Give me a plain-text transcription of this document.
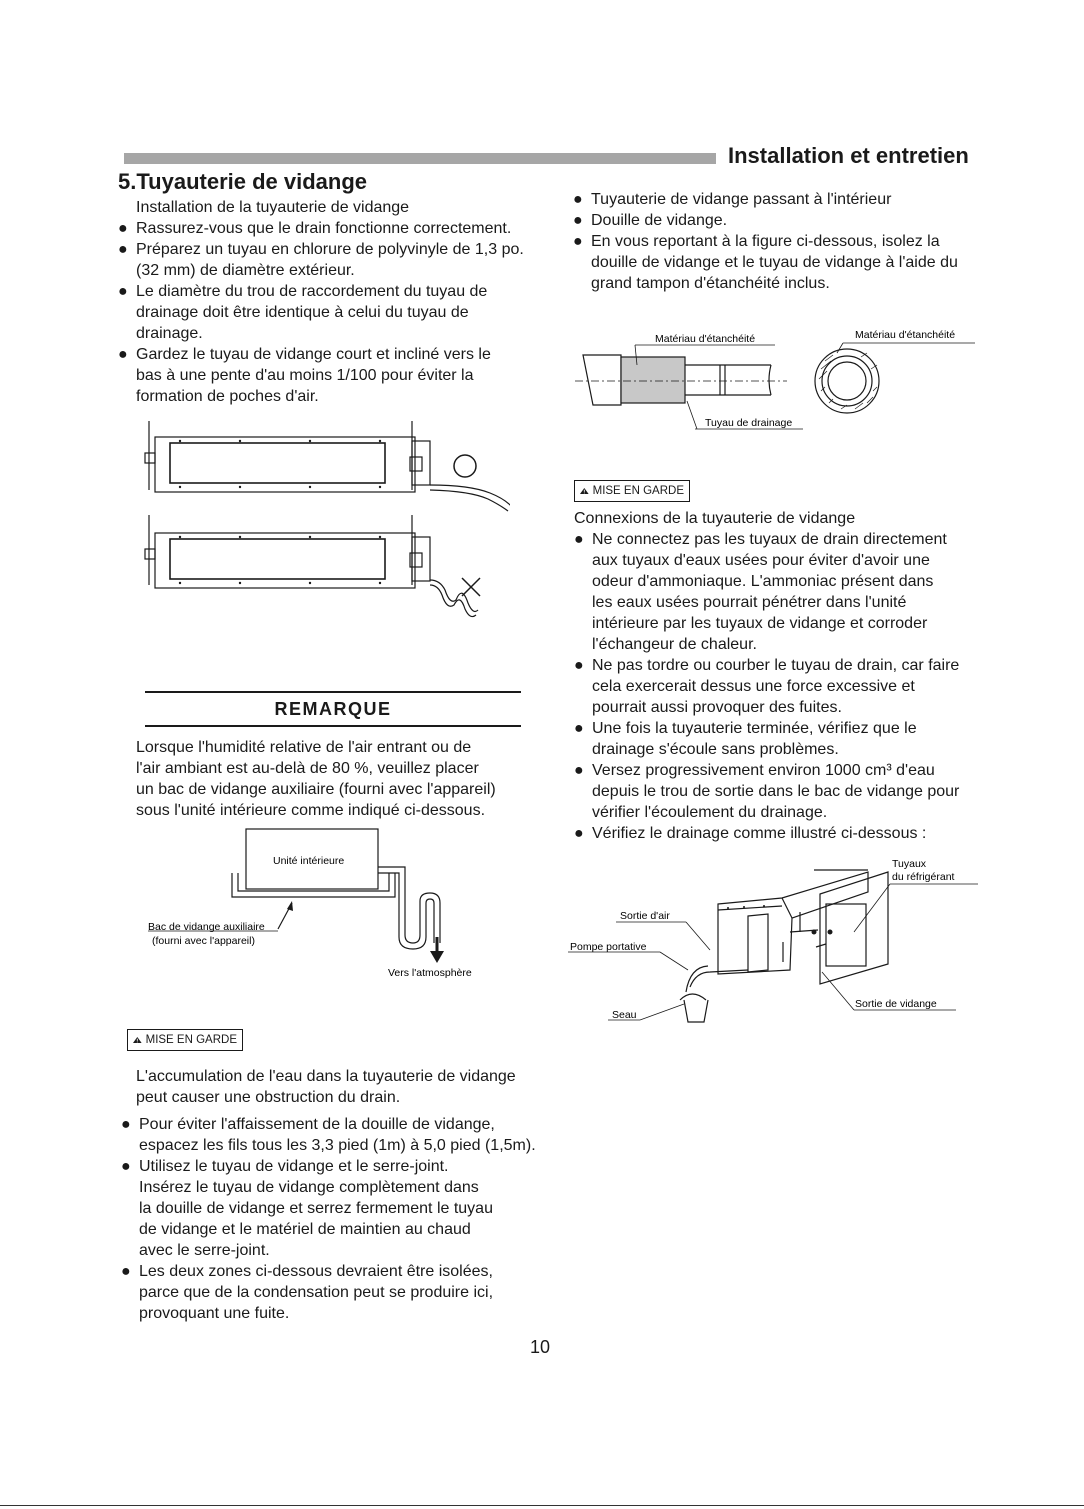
Installation et entretien
5.Tuyauterie de vidange
Installation de la tuyauterie de vidange
● Rassurez-vous que le drain fonctionne correctement.
● Préparez un tuyau en chlorure de polyvinyle de 1,3 po.
(32 mm) de diamètre extérieur.
● Le diamètre du trou de raccordement du tuyau de
drainage doit être identique à celui du tuyau de
drainage.
● Gardez le tuyau de vidange court et incliné vers le
bas à une pente d'au moins 1/100 pour éviter la
formation de poches d'air.
REMARQUE
Lorsque l'humidité relative de l'air entrant ou de
l'air ambiant est au-delà de 80 %, veuillez placer
un bac de vidange auxiliaire (fourni avec l'appareil)
sous l'unité intérieure comme indiqué ci-dessous.
Unité intérieure
Bac de vidange auxiliaire
(fourni avec l'appareil)
Vers l'atmosphère
MISE EN GARDE
L'accumulation de l'eau dans la tuyauterie de vidange
peut causer une obstruction du drain.
● Pour éviter l'affaissement de la douille de vidange,
espacez les fils tous les 3,3 pied (1m) à 5,0 pied (1,5m).
● Utilisez le tuyau de vidange et le serre-joint.
Insérez le tuyau de vidange complètement dans
la douille de vidange et serrez fermement le tuyau
de vidange et le matériel de maintien au chaud
avec le serre-joint.
● Les deux zones ci-dessous devraient être isolées,
parce que de la condensation peut se produire ici,
provoquant une fuite.
● Tuyauterie de vidange passant à l'intérieur
● Douille de vidange.
● En vous reportant à la figure ci-dessous, isolez la
douille de vidange et le tuyau de vidange à l'aide du
grand tampon d'étanchéité inclus.
Matériau d'étanchéité	Matériau d'étanchéité
Tuyau de drainage
MISE EN GARDE
Connexions de la tuyauterie de vidange
● Ne connectez pas les tuyaux de drain directement
aux tuyaux d'eaux usées pour éviter d'avoir une
odeur d'ammoniaque. L'ammoniac présent dans
les eaux usées pourrait pénétrer dans l'unité
intérieure par les tuyaux de vidange et corroder
l'échangeur de chaleur.
● Ne pas tordre ou courber le tuyau de drain, car faire
cela exercerait dessus une force excessive et
pourrait aussi provoquer des fuites.
● Une fois la tuyauterie terminée, vérifiez que le
drainage s'écoule sans problèmes.
● Versez progressivement environ 1000 cm³ d'eau
depuis le trou de sortie dans le bac de vidange pour
vérifier l'écoulement du drainage.
● Vérifiez le drainage comme illustré ci-dessous :
Tuyaux
du réfrigérant
Sortie d'air
Pompe portative
Seau
Sortie de vidange
10
